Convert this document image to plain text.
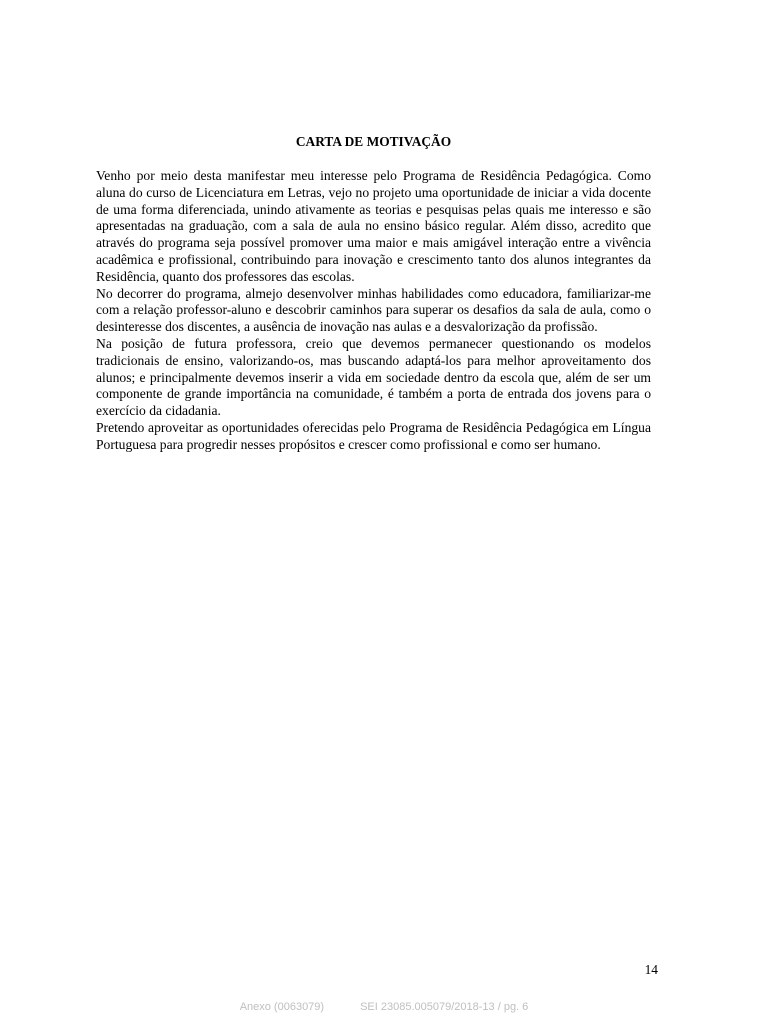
CARTA DE MOTIVAÇÃO

Venho por meio desta manifestar meu interesse pelo Programa de Residência Pedagógica. Como aluna do curso de Licenciatura em Letras, vejo no projeto uma oportunidade de iniciar a vida docente de uma forma diferenciada, unindo ativamente as teorias e pesquisas pelas quais me interesso e são apresentadas na graduação, com a sala de aula no ensino básico regular. Além disso, acredito que através do programa seja possível promover uma maior e mais amigável interação entre a vivência acadêmica e profissional, contribuindo para inovação e crescimento tanto dos alunos integrantes da Residência, quanto dos professores das escolas.

No decorrer do programa, almejo desenvolver minhas habilidades como educadora, familiarizar-me com a relação professor-aluno e descobrir caminhos para superar os desafios da sala de aula, como o desinteresse dos discentes, a ausência de inovação nas aulas e a desvalorização da profissão.

Na posição de futura professora, creio que devemos permanecer questionando os modelos tradicionais de ensino, valorizando-os, mas buscando adaptá-los para melhor aproveitamento dos alunos; e principalmente devemos inserir a vida em sociedade dentro da escola que, além de ser um componente de grande importância na comunidade, é também a porta de entrada dos jovens para o exercício da cidadania.

Pretendo aproveitar as oportunidades oferecidas pelo Programa de Residência Pedagógica em Língua Portuguesa para progredir nesses propósitos e crescer como profissional e como ser humano.

14
Anexo (0063079)	SEI 23085.005079/2018-13 / pg. 6
